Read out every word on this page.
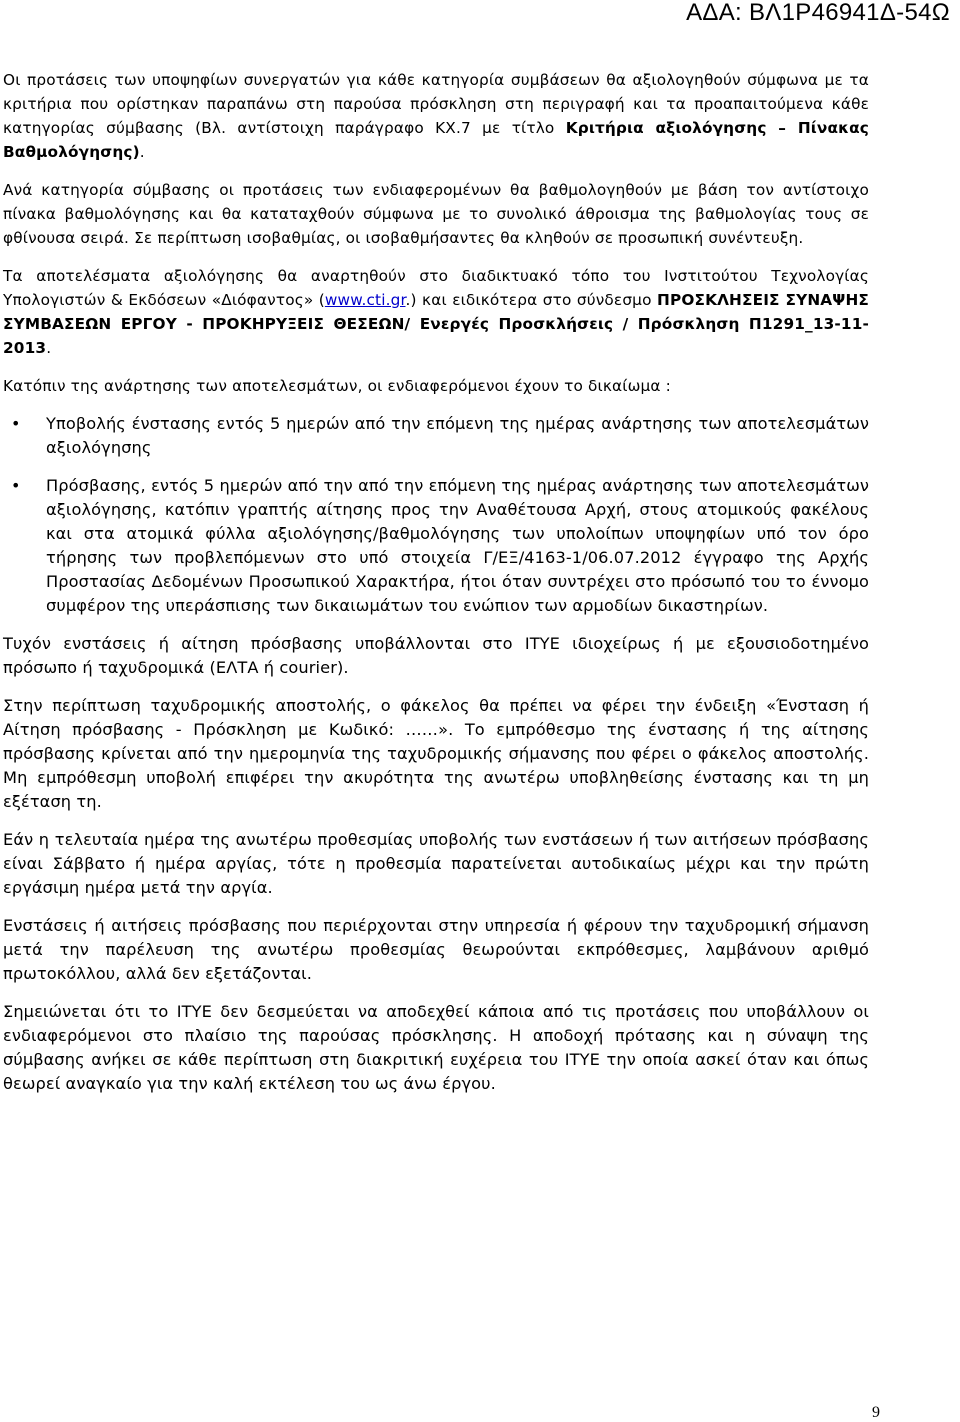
ΑΔΑ: ΒΛ1Ρ46941Δ-54Ω

Οι προτάσεις των υποψηφίων συνεργατών για κάθε κατηγορία συμβάσεων θα αξιολογηθούν σύμφωνα με τα κριτήρια που ορίστηκαν παραπάνω στη παρούσα πρόσκληση στη περιγραφή και τα προαπαιτούμενα κάθε κατηγορίας σύμβασης (Βλ. αντίστοιχη παράγραφο ΚΧ.7 με τίτλο Κριτήρια αξιολόγησης – Πίνακας Βαθμολόγησης).

Ανά κατηγορία σύμβασης οι προτάσεις των ενδιαφερομένων θα βαθμολογηθούν με βάση τον αντίστοιχο πίνακα βαθμολόγησης και θα καταταχθούν σύμφωνα με το συνολικό άθροισμα της βαθμολογίας τους σε φθίνουσα σειρά. Σε περίπτωση ισοβαθμίας, οι ισοβαθμήσαντες θα κληθούν σε προσωπική συνέντευξη.

Τα αποτελέσματα αξιολόγησης θα αναρτηθούν στο διαδικτυακό τόπο του Ινστιτούτου Τεχνολογίας Υπολογιστών & Εκδόσεων «Διόφαντος» (www.cti.gr.) και ειδικότερα στο σύνδεσμο ΠΡΟΣΚΛΗΣΕΙΣ ΣΥΝΑΨΗΣ ΣΥΜΒΑΣΕΩΝ ΕΡΓΟΥ - ΠΡΟΚΗΡΥΞΕΙΣ ΘΕΣΕΩΝ/ Ενεργές Προσκλήσεις / Πρόσκληση Π1291_13-11-2013.

Κατόπιν της ανάρτησης των αποτελεσμάτων, οι ενδιαφερόμενοι έχουν το δικαίωμα :

• Υποβολής ένστασης εντός 5 ημερών από την επόμενη της ημέρας ανάρτησης των αποτελεσμάτων αξιολόγησης
• Πρόσβασης, εντός 5 ημερών από την από την επόμενη της ημέρας ανάρτησης των αποτελεσμάτων αξιολόγησης, κατόπιν γραπτής αίτησης προς την Αναθέτουσα Αρχή, στους ατομικούς φακέλους και στα ατομικά φύλλα αξιολόγησης/βαθμολόγησης των υπολοίπων υποψηφίων υπό τον όρο τήρησης των προβλεπόμενων στο υπό στοιχεία Γ/ΕΞ/4163-1/06.07.2012 έγγραφο της Αρχής Προστασίας Δεδομένων Προσωπικού Χαρακτήρα, ήτοι όταν συντρέχει στο πρόσωπό του το έννομο συμφέρον της υπεράσπισης των δικαιωμάτων του ενώπιον των αρμοδίων δικαστηρίων.

Τυχόν ενστάσεις ή αίτηση πρόσβασης υποβάλλονται στο ΙΤΥΕ ιδιοχείρως ή με εξουσιοδοτημένο πρόσωπο ή ταχυδρομικά (ΕΛΤΑ ή courier).

Στην περίπτωση ταχυδρομικής αποστολής, ο φάκελος θα πρέπει να φέρει την ένδειξη «Ένσταση ή Αίτηση πρόσβασης - Πρόσκληση με Κωδικό: ……». Το εμπρόθεσμο της ένστασης ή της αίτησης πρόσβασης κρίνεται από την ημερομηνία της ταχυδρομικής σήμανσης που φέρει ο φάκελος αποστολής. Μη εμπρόθεσμη υποβολή επιφέρει την ακυρότητα της ανωτέρω υποβληθείσης ένστασης και τη μη εξέταση τη.

Εάν η τελευταία ημέρα της ανωτέρω προθεσμίας υποβολής των ενστάσεων ή των αιτήσεων πρόσβασης είναι Σάββατο ή ημέρα αργίας, τότε η προθεσμία παρατείνεται αυτοδικαίως μέχρι και την πρώτη εργάσιμη ημέρα μετά την αργία.

Ενστάσεις ή αιτήσεις πρόσβασης που περιέρχονται στην υπηρεσία ή φέρουν την ταχυδρομική σήμανση μετά την παρέλευση της ανωτέρω προθεσμίας θεωρούνται εκπρόθεσμες, λαμβάνουν αριθμό πρωτοκόλλου, αλλά δεν εξετάζονται.

Σημειώνεται ότι το ΙΤΥΕ δεν δεσμεύεται να αποδεχθεί κάποια από τις προτάσεις που υποβάλλουν οι ενδιαφερόμενοι στο πλαίσιο της παρούσας πρόσκλησης. Η αποδοχή πρότασης και η σύναψη της σύμβασης ανήκει σε κάθε περίπτωση στη διακριτική ευχέρεια του ΙΤΥΕ την οποία ασκεί όταν και όπως θεωρεί αναγκαίο για την καλή εκτέλεση του ως άνω έργου.

9
